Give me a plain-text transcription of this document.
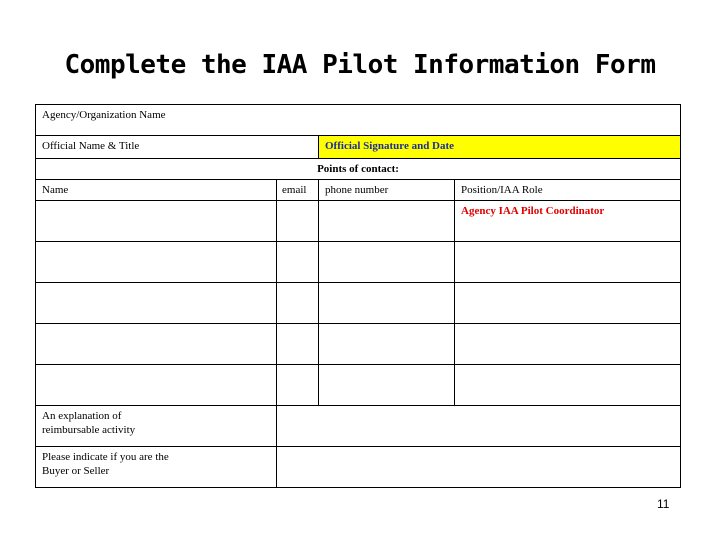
Complete the IAA Pilot Information Form
Agency/Organization Name			
Official Name & Title		Official Signature and Date	
Points of contact:			
Name	email	phone number	Position/IAA Role
			Agency IAA Pilot Coordinator

An explanation of
reimbursable activity			
Please indicate if you are the
Buyer or Seller			
11
